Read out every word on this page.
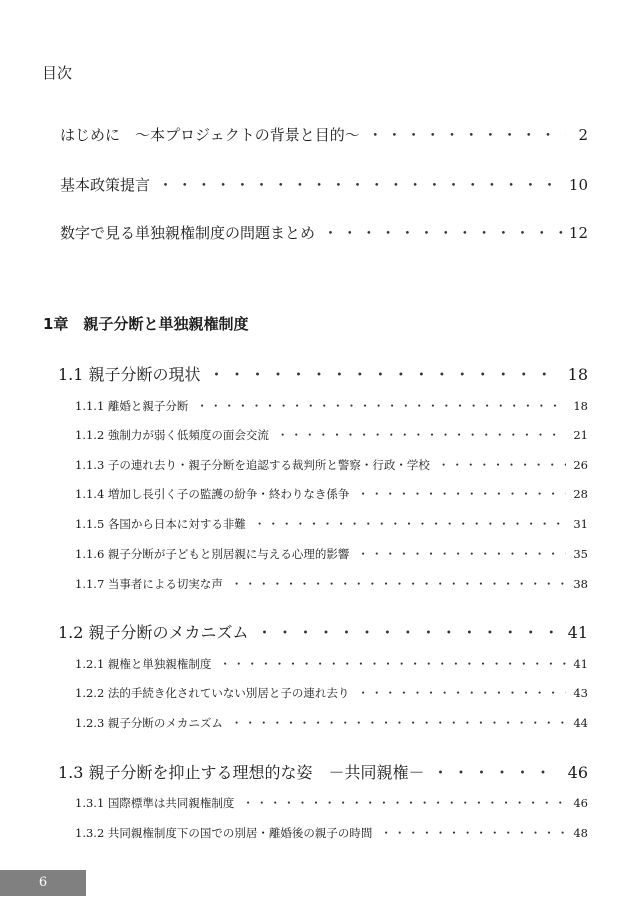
目次
はじめに　～本プロジェクトの背景と目的～ ・・・・・・・・・・・・・・・・・・・・・・・・・・・・・・・・・・・・・・・・・・・・・・・・・・・・・・・・・・・・・・・・・・・・・・・・	2
基本政策提言 ・・・・・・・・・・・・・・・・・・・・・・・・・・・・・・・・・・・・・・・・・・・・・・・・・・・・・・・・・・・・・・・・・・・・・・・・	10
数字で見る単独親権制度の問題まとめ ・・・・・・・・・・・・・・・・・・・・・・・・・・・・・・・・・・・・・・・・・・・・・・・・・・・・・・・・・・・・・・・・・・・・・・・・	12
1章　親子分断と単独親権制度
1.1 親子分断の現状 ・・・・・・・・・・・・・・・・・・・・・・・・・・・・・・・・・・・・・・・・・・・・・・・・・・・・・・・・・・・・・・・・・・・・・・・・	18
1.1.1 離婚と親子分断 ・・・・・・・・・・・・・・・・・・・・・・・・・・・・・・・・・・・・・・・・・・・・・・・・・・・・・・・・・・・・・・・・・・・・・・・・	18
1.1.2 強制力が弱く低頻度の面会交流 ・・・・・・・・・・・・・・・・・・・・・・・・・・・・・・・・・・・・・・・・・・・・・・・・・・・・・・・・・・・・・・・・・・・・・・・・	21
1.1.3 子の連れ去り・親子分断を追認する裁判所と警察・行政・学校 ・・・・・・・・・・・・・・・・・・・・・・・・・・・・・・・・・・・・・・・・・・・・・・・・・・・・・・・・・・・・・・・・・・・・・・・・	26
1.1.4 増加し長引く子の監護の紛争・終わりなき係争 ・・・・・・・・・・・・・・・・・・・・・・・・・・・・・・・・・・・・・・・・・・・・・・・・・・・・・・・・・・・・・・・・・・・・・・・・	28
1.1.5 各国から日本に対する非難 ・・・・・・・・・・・・・・・・・・・・・・・・・・・・・・・・・・・・・・・・・・・・・・・・・・・・・・・・・・・・・・・・・・・・・・・・	31
1.1.6 親子分断が子どもと別居親に与える心理的影響 ・・・・・・・・・・・・・・・・・・・・・・・・・・・・・・・・・・・・・・・・・・・・・・・・・・・・・・・・・・・・・・・・・・・・・・・・	35
1.1.7 当事者による切実な声 ・・・・・・・・・・・・・・・・・・・・・・・・・・・・・・・・・・・・・・・・・・・・・・・・・・・・・・・・・・・・・・・・・・・・・・・・	38
1.2 親子分断のメカニズム ・・・・・・・・・・・・・・・・・・・・・・・・・・・・・・・・・・・・・・・・・・・・・・・・・・・・・・・・・・・・・・・・・・・・・・・・	41
1.2.1 親権と単独親権制度 ・・・・・・・・・・・・・・・・・・・・・・・・・・・・・・・・・・・・・・・・・・・・・・・・・・・・・・・・・・・・・・・・・・・・・・・・	41
1.2.2 法的手続き化されていない別居と子の連れ去り ・・・・・・・・・・・・・・・・・・・・・・・・・・・・・・・・・・・・・・・・・・・・・・・・・・・・・・・・・・・・・・・・・・・・・・・・	43
1.2.3 親子分断のメカニズム ・・・・・・・・・・・・・・・・・・・・・・・・・・・・・・・・・・・・・・・・・・・・・・・・・・・・・・・・・・・・・・・・・・・・・・・・	44
1.3 親子分断を抑止する理想的な姿　－共同親権－ ・・・・・・・・・・・・・・・・・・・・・・・・・・・・・・・・・・・・・・・・・・・・・・・・・・・・・・・・・・・・・・・・・・・・・・・・	46
1.3.1 国際標準は共同親権制度 ・・・・・・・・・・・・・・・・・・・・・・・・・・・・・・・・・・・・・・・・・・・・・・・・・・・・・・・・・・・・・・・・・・・・・・・・	46
1.3.2 共同親権制度下の国での別居・離婚後の親子の時間 ・・・・・・・・・・・・・・・・・・・・・・・・・・・・・・・・・・・・・・・・・・・・・・・・・・・・・・・・・・・・・・・・・・・・・・・・	48
6
